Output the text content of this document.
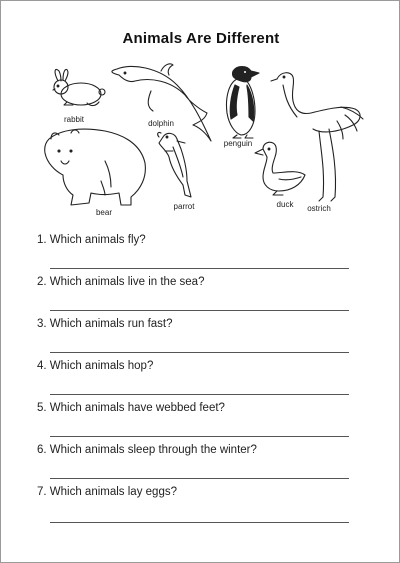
Animals Are Different
rabbit	dolphin
penguin
ostrich
bear
parrot	duck
1. Which animals fly?
2. Which animals live in the sea?
3. Which animals run fast?
4. Which animals hop?
5. Which animals have webbed feet?
6. Which animals sleep through the winter?
7. Which animals lay eggs?
